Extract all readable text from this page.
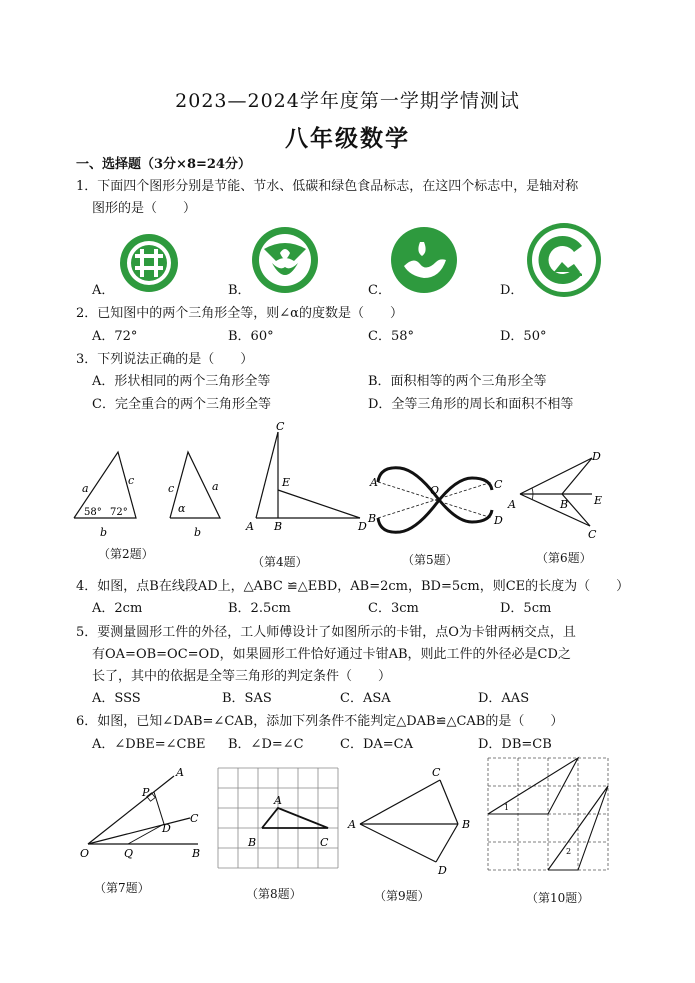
2023—2024学年度第一学期学情测试
八年级数学
一、选择题（3分×8=24分）
1．下面四个图形分别是节能、节水、低碳和绿色食品标志，在这四个标志中，是轴对称
图形的是（　　）
A．	B．	C．	D．
2．已知图中的两个三角形全等，则∠α的度数是（　　）
A．72°	B．60°	C．58°	D．50°
3．下列说法正确的是（　　）
A．形状相同的两个三角形全等	B．面积相等的两个三角形全等
C．完全重合的两个三角形全等	D．全等三角形的周长和面积不相等
a
c
58° 72°
b
c	a
α
b
（第2题）
C
E
A B	D
（第4题）
A
O	C
B	D
（第5题）
D
A	B E
C
（第6题）
4．如图，点B在线段AD上，△ABC ≌△EBD，AB=2cm，BD=5cm，则CE的长度为（　　）
A．2cm	B．2.5cm	C．3cm	D．5cm
5．要测量圆形工件的外径，工人师傅设计了如图所示的卡钳，点O为卡钳两柄交点，且
有OA=OB=OC=OD，如果圆形工件恰好通过卡钳AB，则此工件的外径必是CD之
长了，其中的依据是全等三角形的判定条件（　　）
A．SSS	B．SAS	C．ASA	D．AAS
6．如图，已知∠DAB=∠CAB，添加下列条件不能判定△DAB≌△CAB的是（　　）
A．∠DBE=∠CBE B．∠D=∠C	C．DA=CA	D．DB=CB
A
P
C
D
O	Q	B
（第7题）
A
B	C
（第8题）
C
A	B
D
（第9题）
1
2
（第10题）
